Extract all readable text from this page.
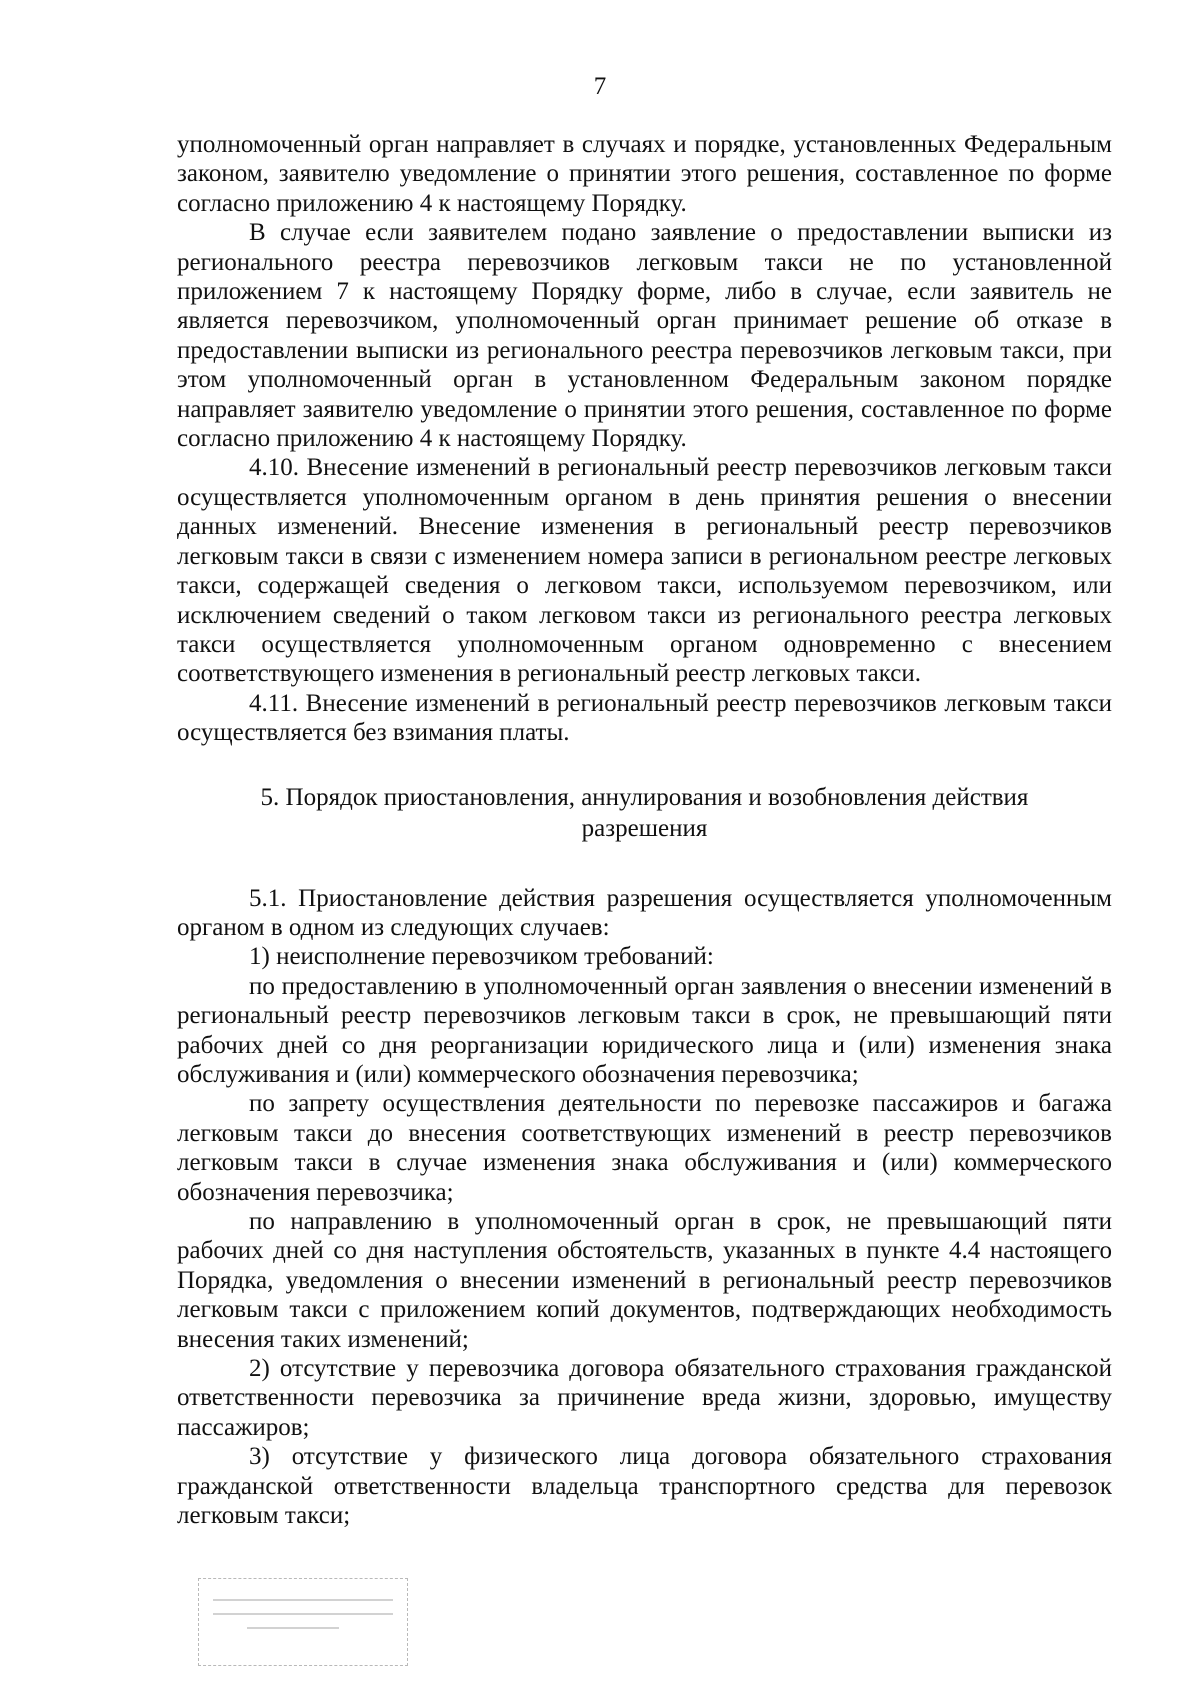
7

уполномоченный орган направляет в случаях и порядке, установленных Федеральным законом, заявителю уведомление о принятии этого решения, составленное по форме согласно приложению 4 к настоящему Порядку.

В случае если заявителем подано заявление о предоставлении выписки из регионального реестра перевозчиков легковым такси не по установленной приложением 7 к настоящему Порядку форме, либо в случае, если заявитель не является перевозчиком, уполномоченный орган принимает решение об отказе в предоставлении выписки из регионального реестра перевозчиков легковым такси, при этом уполномоченный орган в установленном Федеральным законом порядке направляет заявителю уведомление о принятии этого решения, составленное по форме согласно приложению 4 к настоящему Порядку.

4.10. Внесение изменений в региональный реестр перевозчиков легковым такси осуществляется уполномоченным органом в день принятия решения о внесении данных изменений. Внесение изменения в региональный реестр перевозчиков легковым такси в связи с изменением номера записи в региональном реестре легковых такси, содержащей сведения о легковом такси, используемом перевозчиком, или исключением сведений о таком легковом такси из регионального реестра легковых такси осуществляется уполномоченным органом одновременно с внесением соответствующего изменения в региональный реестр легковых такси.

4.11. Внесение изменений в региональный реестр перевозчиков легковым такси осуществляется без взимания платы.

5. Порядок приостановления, аннулирования и возобновления действия разрешения

5.1. Приостановление действия разрешения осуществляется уполномоченным органом в одном из следующих случаев:

1) неисполнение перевозчиком требований:

по предоставлению в уполномоченный орган заявления о внесении изменений в региональный реестр перевозчиков легковым такси в срок, не превышающий пяти рабочих дней со дня реорганизации юридического лица и (или) изменения знака обслуживания и (или) коммерческого обозначения перевозчика;

по запрету осуществления деятельности по перевозке пассажиров и багажа легковым такси до внесения соответствующих изменений в реестр перевозчиков легковым такси в случае изменения знака обслуживания и (или) коммерческого обозначения перевозчика;

по направлению в уполномоченный орган в срок, не превышающий пяти рабочих дней со дня наступления обстоятельств, указанных в пункте 4.4 настоящего Порядка, уведомления о внесении изменений в региональный реестр перевозчиков легковым такси с приложением копий документов, подтверждающих необходимость внесения таких изменений;

2) отсутствие у перевозчика договора обязательного страхования гражданской ответственности перевозчика за причинение вреда жизни, здоровью, имуществу пассажиров;

3) отсутствие у физического лица договора обязательного страхования гражданской ответственности владельца транспортного средства для перевозок легковым такси;
